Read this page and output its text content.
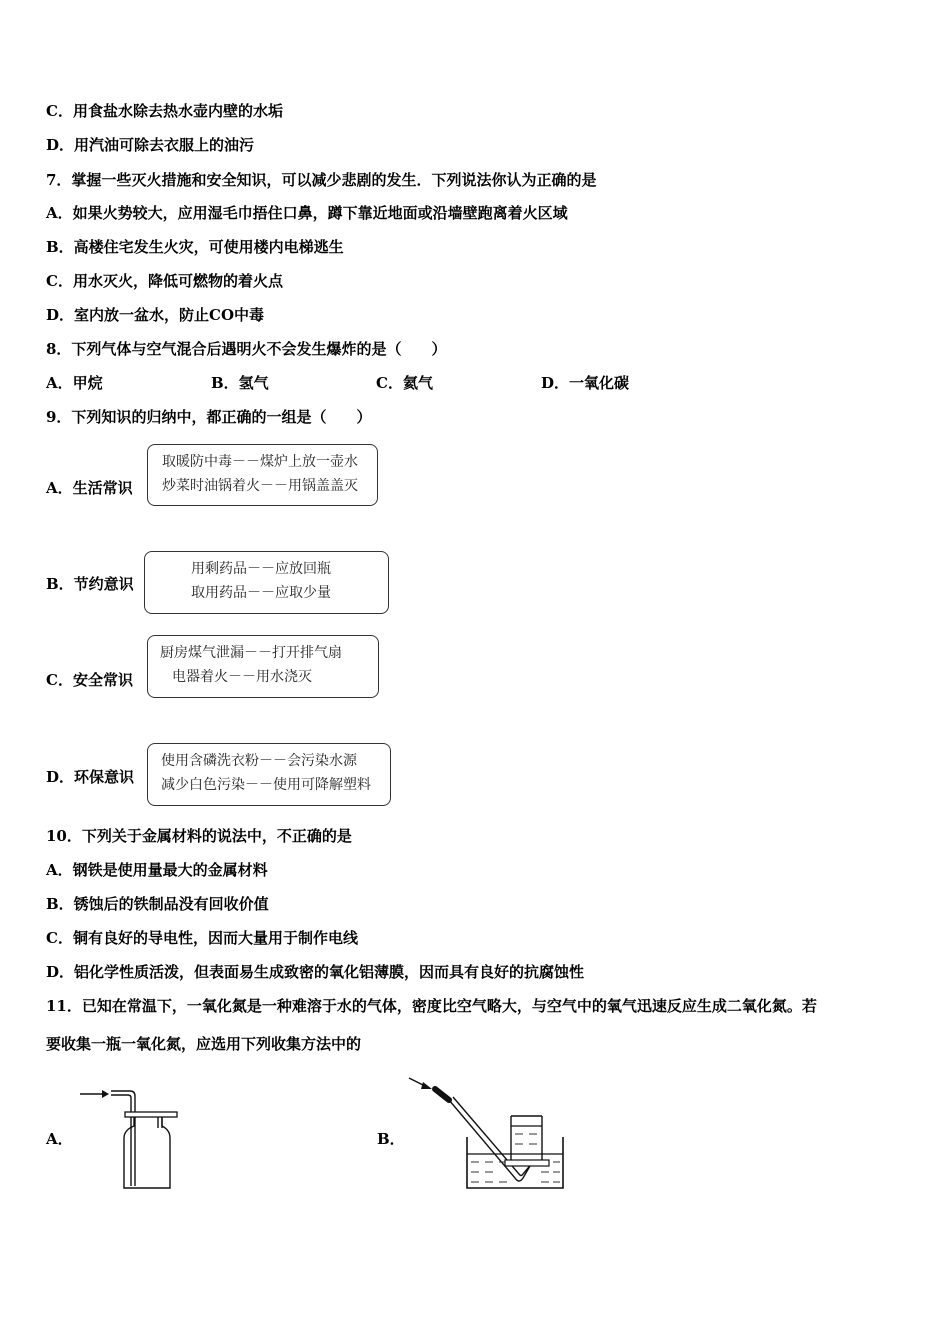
C．用食盐水除去热水壶内壁的水垢
D．用汽油可除去衣服上的油污
7．掌握一些灭火措施和安全知识，可以减少悲剧的发生．下列说法你认为正确的是
A．如果火势较大，应用湿毛巾捂住口鼻，蹲下靠近地面或沿墙壁跑离着火区域
B．高楼住宅发生火灾，可使用楼内电梯逃生
C．用水灭火，降低可燃物的着火点
D．室内放一盆水，防止CO中毒
8．下列气体与空气混合后遇明火不会发生爆炸的是（　　）
A．甲烷	B．氢气	C．氦气	D．一氧化碳
9．下列知识的归纳中，都正确的一组是（　　）
A．生活常识
取暖防中毒－－煤炉上放一壶水
炒菜时油锅着火－－用锅盖盖灭
B．节约意识
用剩药品－－应放回瓶
取用药品－－应取少量
C．安全常识
厨房煤气泄漏－－打开排气扇
电器着火－－用水浇灭
D．环保意识
使用含磷洗衣粉－－会污染水源
减少白色污染－－使用可降解塑料
10．下列关于金属材料的说法中，不正确的是
A．钢铁是使用量最大的金属材料
B．锈蚀后的铁制品没有回收价值
C．铜有良好的导电性，因而大量用于制作电线
D．铝化学性质活泼，但表面易生成致密的氧化铝薄膜，因而具有良好的抗腐蚀性
11．已知在常温下，一氧化氮是一种难溶于水的气体，密度比空气略大，与空气中的氧气迅速反应生成二氧化氮。若
要收集一瓶一氧化氮，应选用下列收集方法中的
A．	B．
